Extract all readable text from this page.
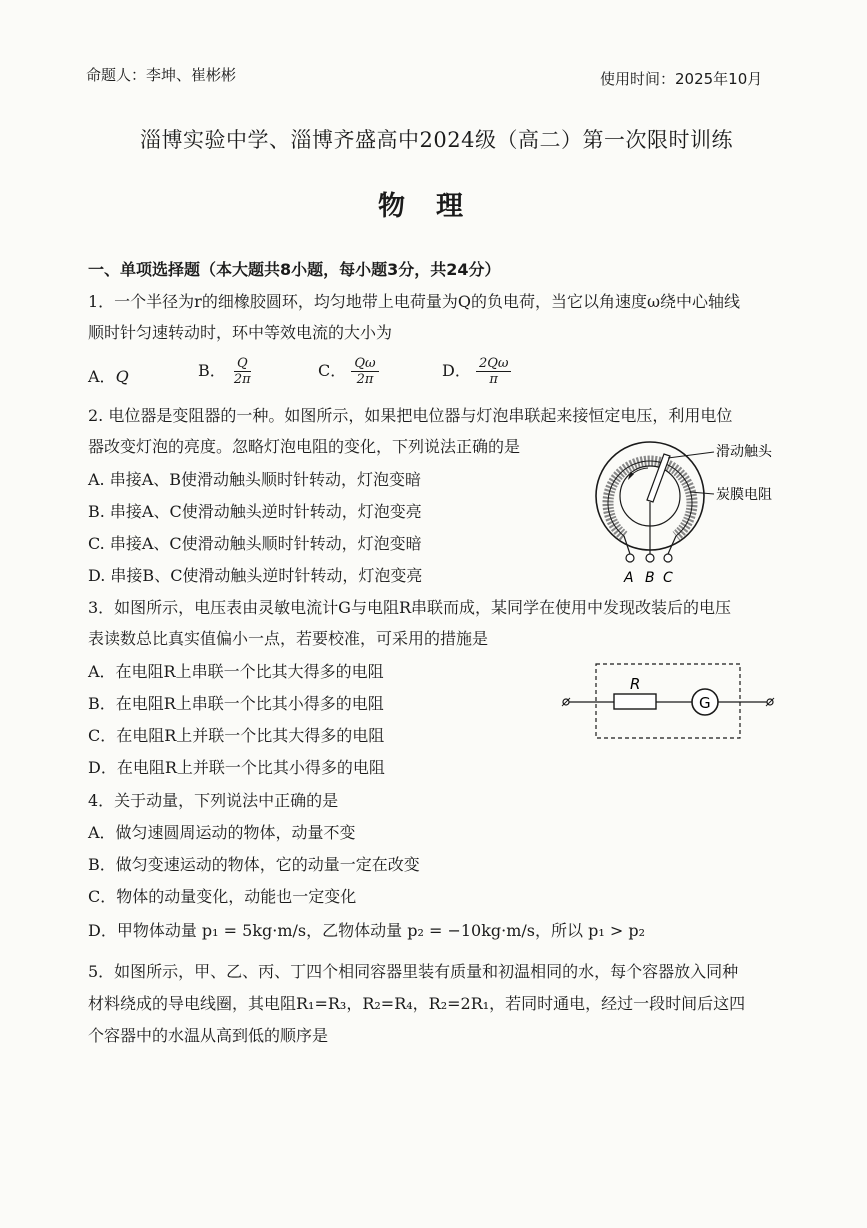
命题人：李坤、崔彬彬	使用时间：2025年10月
淄博实验中学、淄博齐盛高中2024级（高二）第一次限时训练
物　理
一、单项选择题（本大题共8小题，每小题3分，共24分）
1．一个半径为r的细橡胶圆环，均匀地带上电荷量为Q的负电荷，当它以角速度ω绕中心轴线
顺时针匀速转动时，环中等效电流的大小为
A．Q	B． $\frac{Q}{2\pi}$	C． $\frac{Q\omega}{2\pi}$	D． $\frac{2Q\omega}{\pi}$
2. 电位器是变阻器的一种。如图所示，如果把电位器与灯泡串联起来接恒定电压，利用电位
器改变灯泡的亮度。忽略灯泡电阻的变化，下列说法正确的是
A. 串接A、B使滑动触头顺时针转动，灯泡变暗
B. 串接A、C使滑动触头逆时针转动，灯泡变亮
C. 串接A、C使滑动触头顺时针转动，灯泡变暗
D. 串接B、C使滑动触头逆时针转动，灯泡变亮	A B C
滑动触头
炭膜电阻
3．如图所示，电压表由灵敏电流计G与电阻R串联而成，某同学在使用中发现改装后的电压
表读数总比真实值偏小一点，若要校准，可采用的措施是
A．在电阻R上串联一个比其大得多的电阻
B．在电阻R上串联一个比其小得多的电阻
C．在电阻R上并联一个比其大得多的电阻
D．在电阻R上并联一个比其小得多的电阻
R
G
4．关于动量，下列说法中正确的是
A．做匀速圆周运动的物体，动量不变
B．做匀变速运动的物体，它的动量一定在改变
C．物体的动量变化，动能也一定变化
D．甲物体动量 p₁ = 5kg·m/s，乙物体动量 p₂ = −10kg·m/s，所以 p₁ > p₂
5．如图所示，甲、乙、丙、丁四个相同容器里装有质量和初温相同的水，每个容器放入同种
材料绕成的导电线圈，其电阻R₁=R₃，R₂=R₄，R₂=2R₁，若同时通电，经过一段时间后这四
个容器中的水温从高到低的顺序是
